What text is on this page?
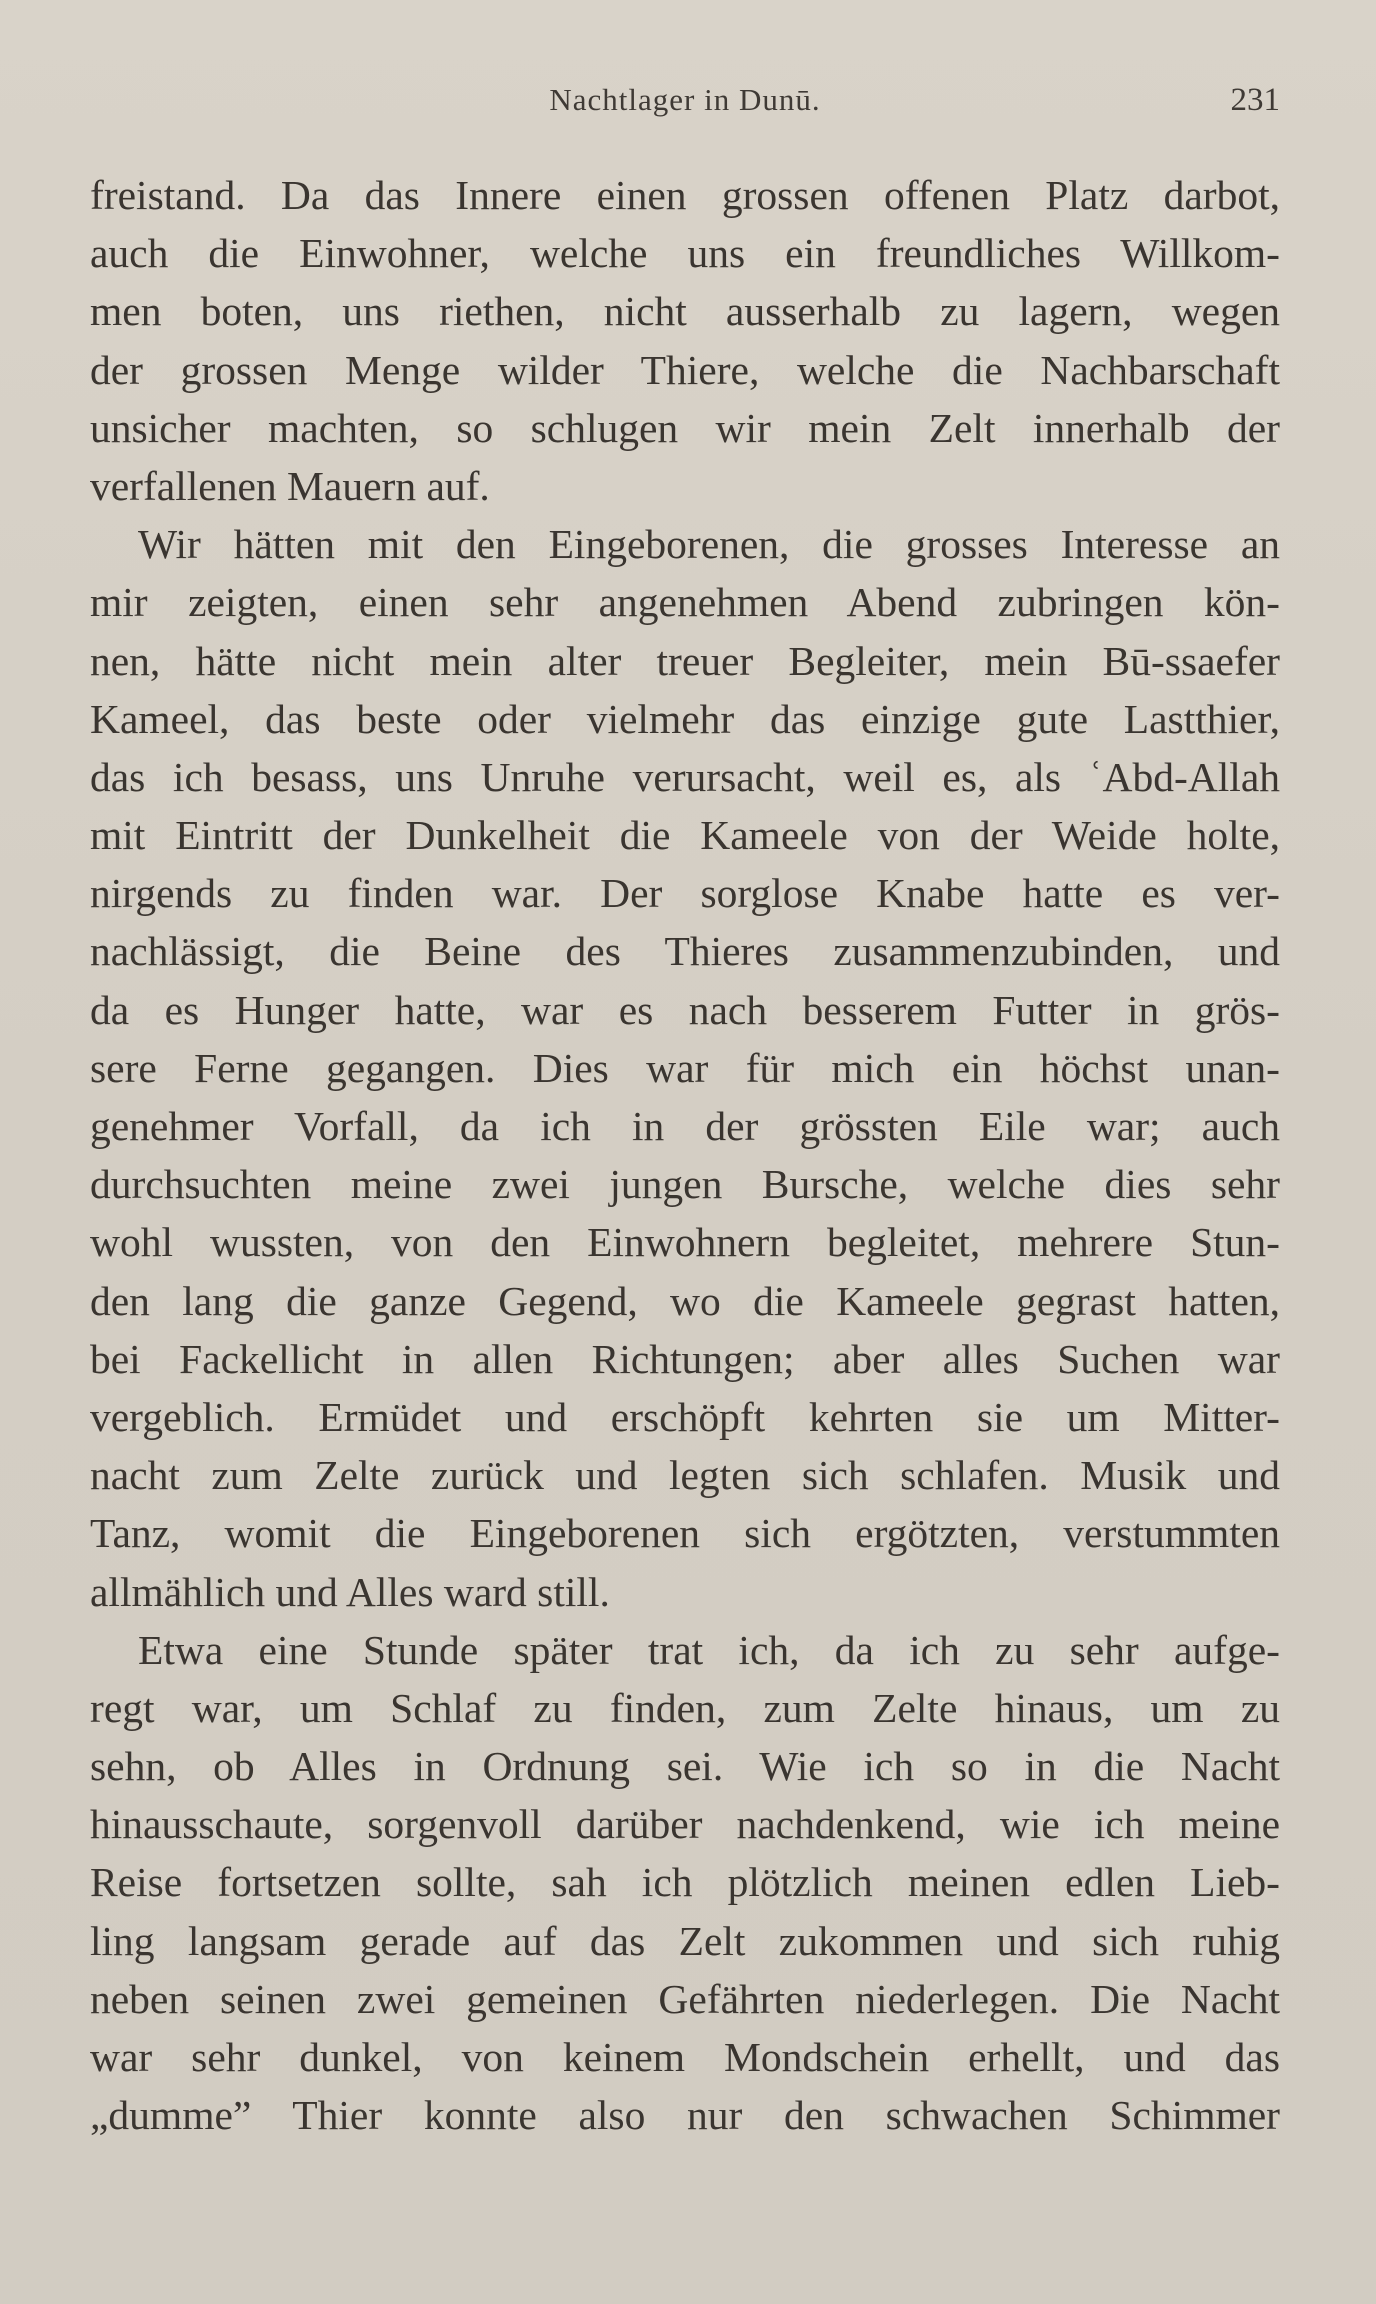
Nachtlager in Dunū.	231
freistand. Da das Innere einen grossen offenen Platz darbot,
auch die Einwohner, welche uns ein freundliches Willkom-
men boten, uns riethen, nicht ausserhalb zu lagern, wegen
der grossen Menge wilder Thiere, welche die Nachbarschaft
unsicher machten, so schlugen wir mein Zelt innerhalb der
verfallenen Mauern auf.
Wir hätten mit den Eingeborenen, die grosses Interesse an
mir zeigten, einen sehr angenehmen Abend zubringen kön-
nen, hätte nicht mein alter treuer Begleiter, mein Bū-ssaefer
Kameel, das beste oder vielmehr das einzige gute Lastthier,
das ich besass, uns Unruhe verursacht, weil es, als ʿAbd-Allah
mit Eintritt der Dunkelheit die Kameele von der Weide holte,
nirgends zu finden war. Der sorglose Knabe hatte es ver-
nachlässigt, die Beine des Thieres zusammenzubinden, und
da es Hunger hatte, war es nach besserem Futter in grös-
sere Ferne gegangen. Dies war für mich ein höchst unan-
genehmer Vorfall, da ich in der grössten Eile war; auch
durchsuchten meine zwei jungen Bursche, welche dies sehr
wohl wussten, von den Einwohnern begleitet, mehrere Stun-
den lang die ganze Gegend, wo die Kameele gegrast hatten,
bei Fackellicht in allen Richtungen; aber alles Suchen war
vergeblich. Ermüdet und erschöpft kehrten sie um Mitter-
nacht zum Zelte zurück und legten sich schlafen. Musik und
Tanz, womit die Eingeborenen sich ergötzten, verstummten
allmählich und Alles ward still.
Etwa eine Stunde später trat ich, da ich zu sehr aufge-
regt war, um Schlaf zu finden, zum Zelte hinaus, um zu
sehn, ob Alles in Ordnung sei. Wie ich so in die Nacht
hinausschaute, sorgenvoll darüber nachdenkend, wie ich meine
Reise fortsetzen sollte, sah ich plötzlich meinen edlen Lieb-
ling langsam gerade auf das Zelt zukommen und sich ruhig
neben seinen zwei gemeinen Gefährten niederlegen. Die Nacht
war sehr dunkel, von keinem Mondschein erhellt, und das
„dumme” Thier konnte also nur den schwachen Schimmer
